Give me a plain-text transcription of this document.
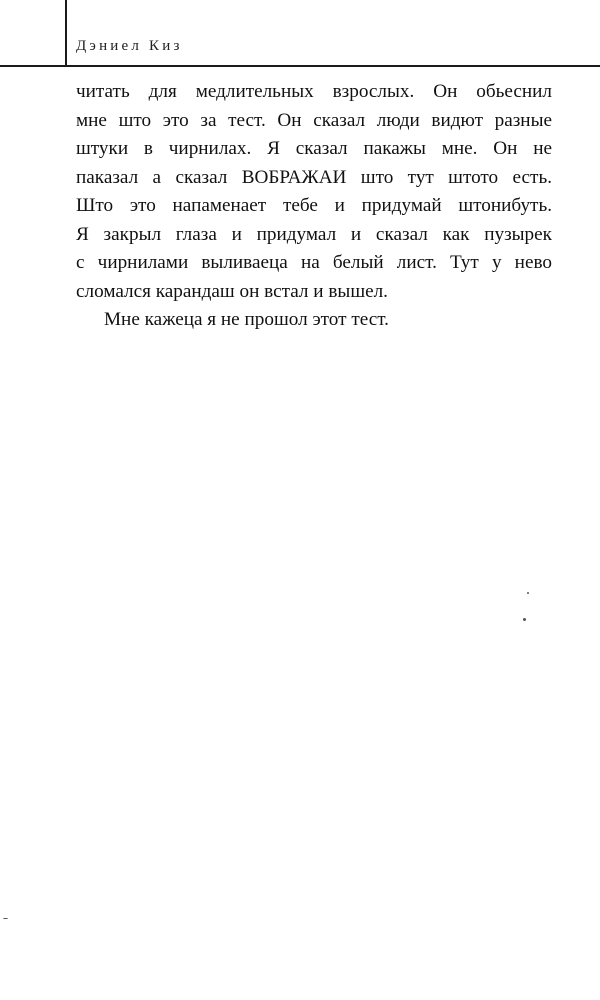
Дэниел Киз
читать для медлительных взрослых. Он обьеснил
мне што это за тест. Он сказал люди видют разные
штуки в чирнилах. Я сказал пакажы мне. Он не
паказал а сказал ВОБРАЖАИ што тут штото есть.
Што это напаменает тебе и придумай штонибуть.
Я закрыл глаза и придумал и сказал как пузырек
с чирнилами выливаеца на белый лист. Тут у нево
сломался карандаш он встал и вышел.
Мне кажеца я не прошол этот тест.
